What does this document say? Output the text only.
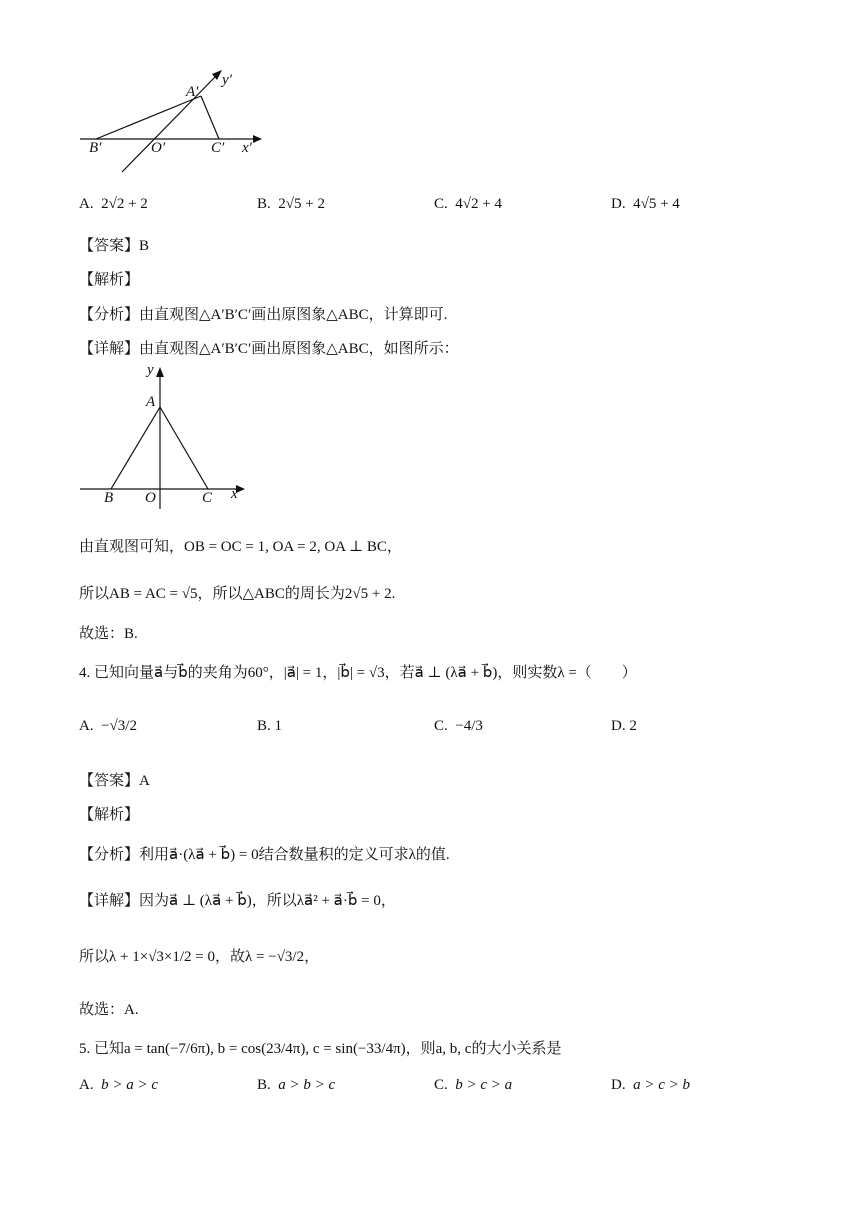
A′
y′
B′	O′	C′ x′
A. 2√2 + 2	B. 2√5 + 2	C. 4√2 + 4	D. 4√5 + 4
【答案】B
【解析】
【分析】由直观图△A′B′C′画出原图象△ABC，计算即可.
【详解】由直观图△A′B′C′画出原图象△ABC，如图所示：
y
A
B O	C x
由直观图可知，OB = OC = 1, OA = 2, OA ⊥ BC，
所以AB = AC = √5，所以△ABC的周长为2√5 + 2.
故选：B.
4. 已知向量a⃗与b⃗的夹角为60°，|a⃗| = 1，|b⃗| = √3，若a⃗ ⊥ (λa⃗ + b⃗)，则实数λ =（　　）
A. −√3/2	B. 1	C. −4/3	D. 2
【答案】A
【解析】
【分析】利用a⃗·(λa⃗ + b⃗) = 0结合数量积的定义可求λ的值.
【详解】因为a⃗ ⊥ (λa⃗ + b⃗)，所以λa⃗² + a⃗·b⃗ = 0，
所以λ + 1×√3×1/2 = 0，故λ = −√3/2，
故选：A.
5. 已知a = tan(−7/6π), b = cos(23/4π), c = sin(−33/4π)，则a, b, c的大小关系是
A. b > a > c	B. a > b > c	C. b > c > a	D. a > c > b
